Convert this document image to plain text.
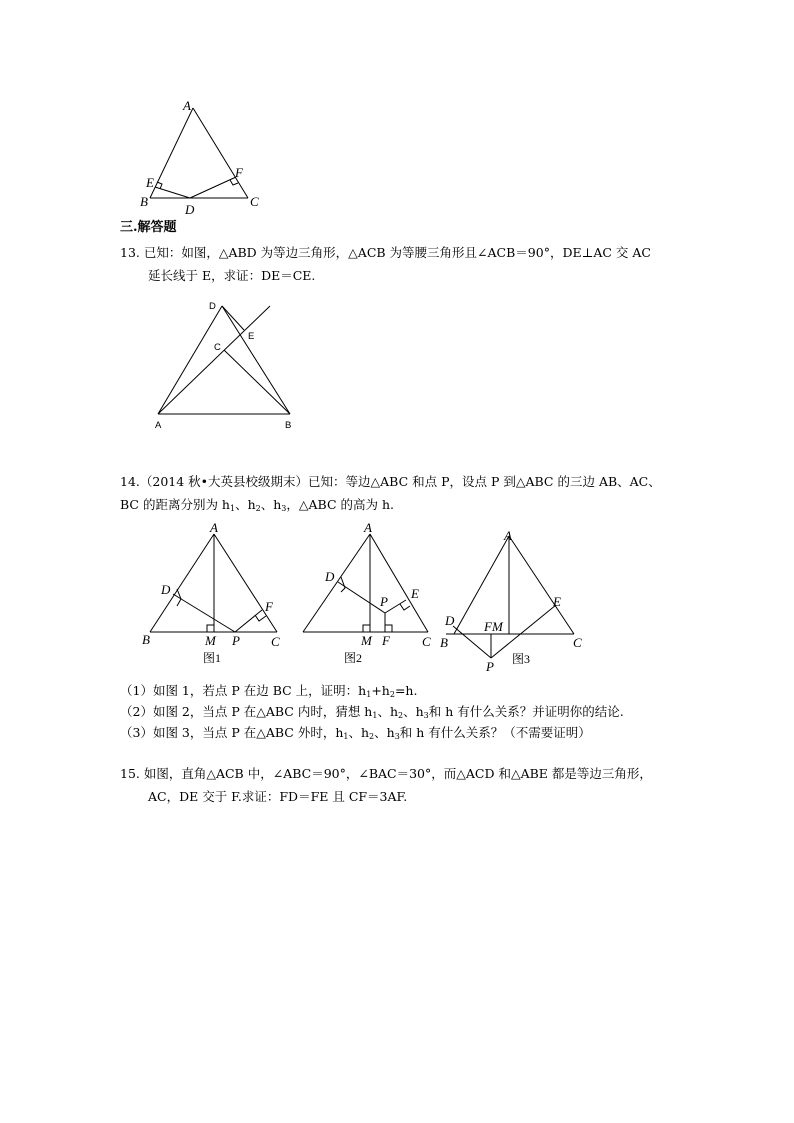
A
B	C
D
E
F
三.解答题
13. 已知：如图，△ABD 为等边三角形，△ACB 为等腰三角形且∠ACB＝90°，DE⊥AC 交 AC
延长线于 E，求证：DE＝CE.
D
E
C
A	B
14.（2014 秋•大英县校级期末）已知：等边△ABC 和点 P，设点 P 到△ABC 的三边 AB、AC、
BC 的距离分别为 $h_1$、$h_2$、$h_3$，△ABC 的高为 h.
A
D
F
B	M P C
图1
A
D
E
P
M F C
图2
A
E
D FM
B	C
P 图3
（1）如图 1，若点 P 在边 BC 上，证明：$h_1+h_2=h$.
（2）如图 2，当点 P 在△ABC 内时，猜想 $h_1$、$h_2$、$h_3$和 h 有什么关系？并证明你的结论.
（3）如图 3，当点 P 在△ABC 外时，$h_1$、$h_2$、$h_3$和 h 有什么关系？（不需要证明）
15. 如图，直角△ACB 中，∠ABC＝90°，∠BAC＝30°，而△ACD 和△ABE 都是等边三角形，
AC，DE 交于 F.求证：FD＝FE 且 CF＝3AF.
